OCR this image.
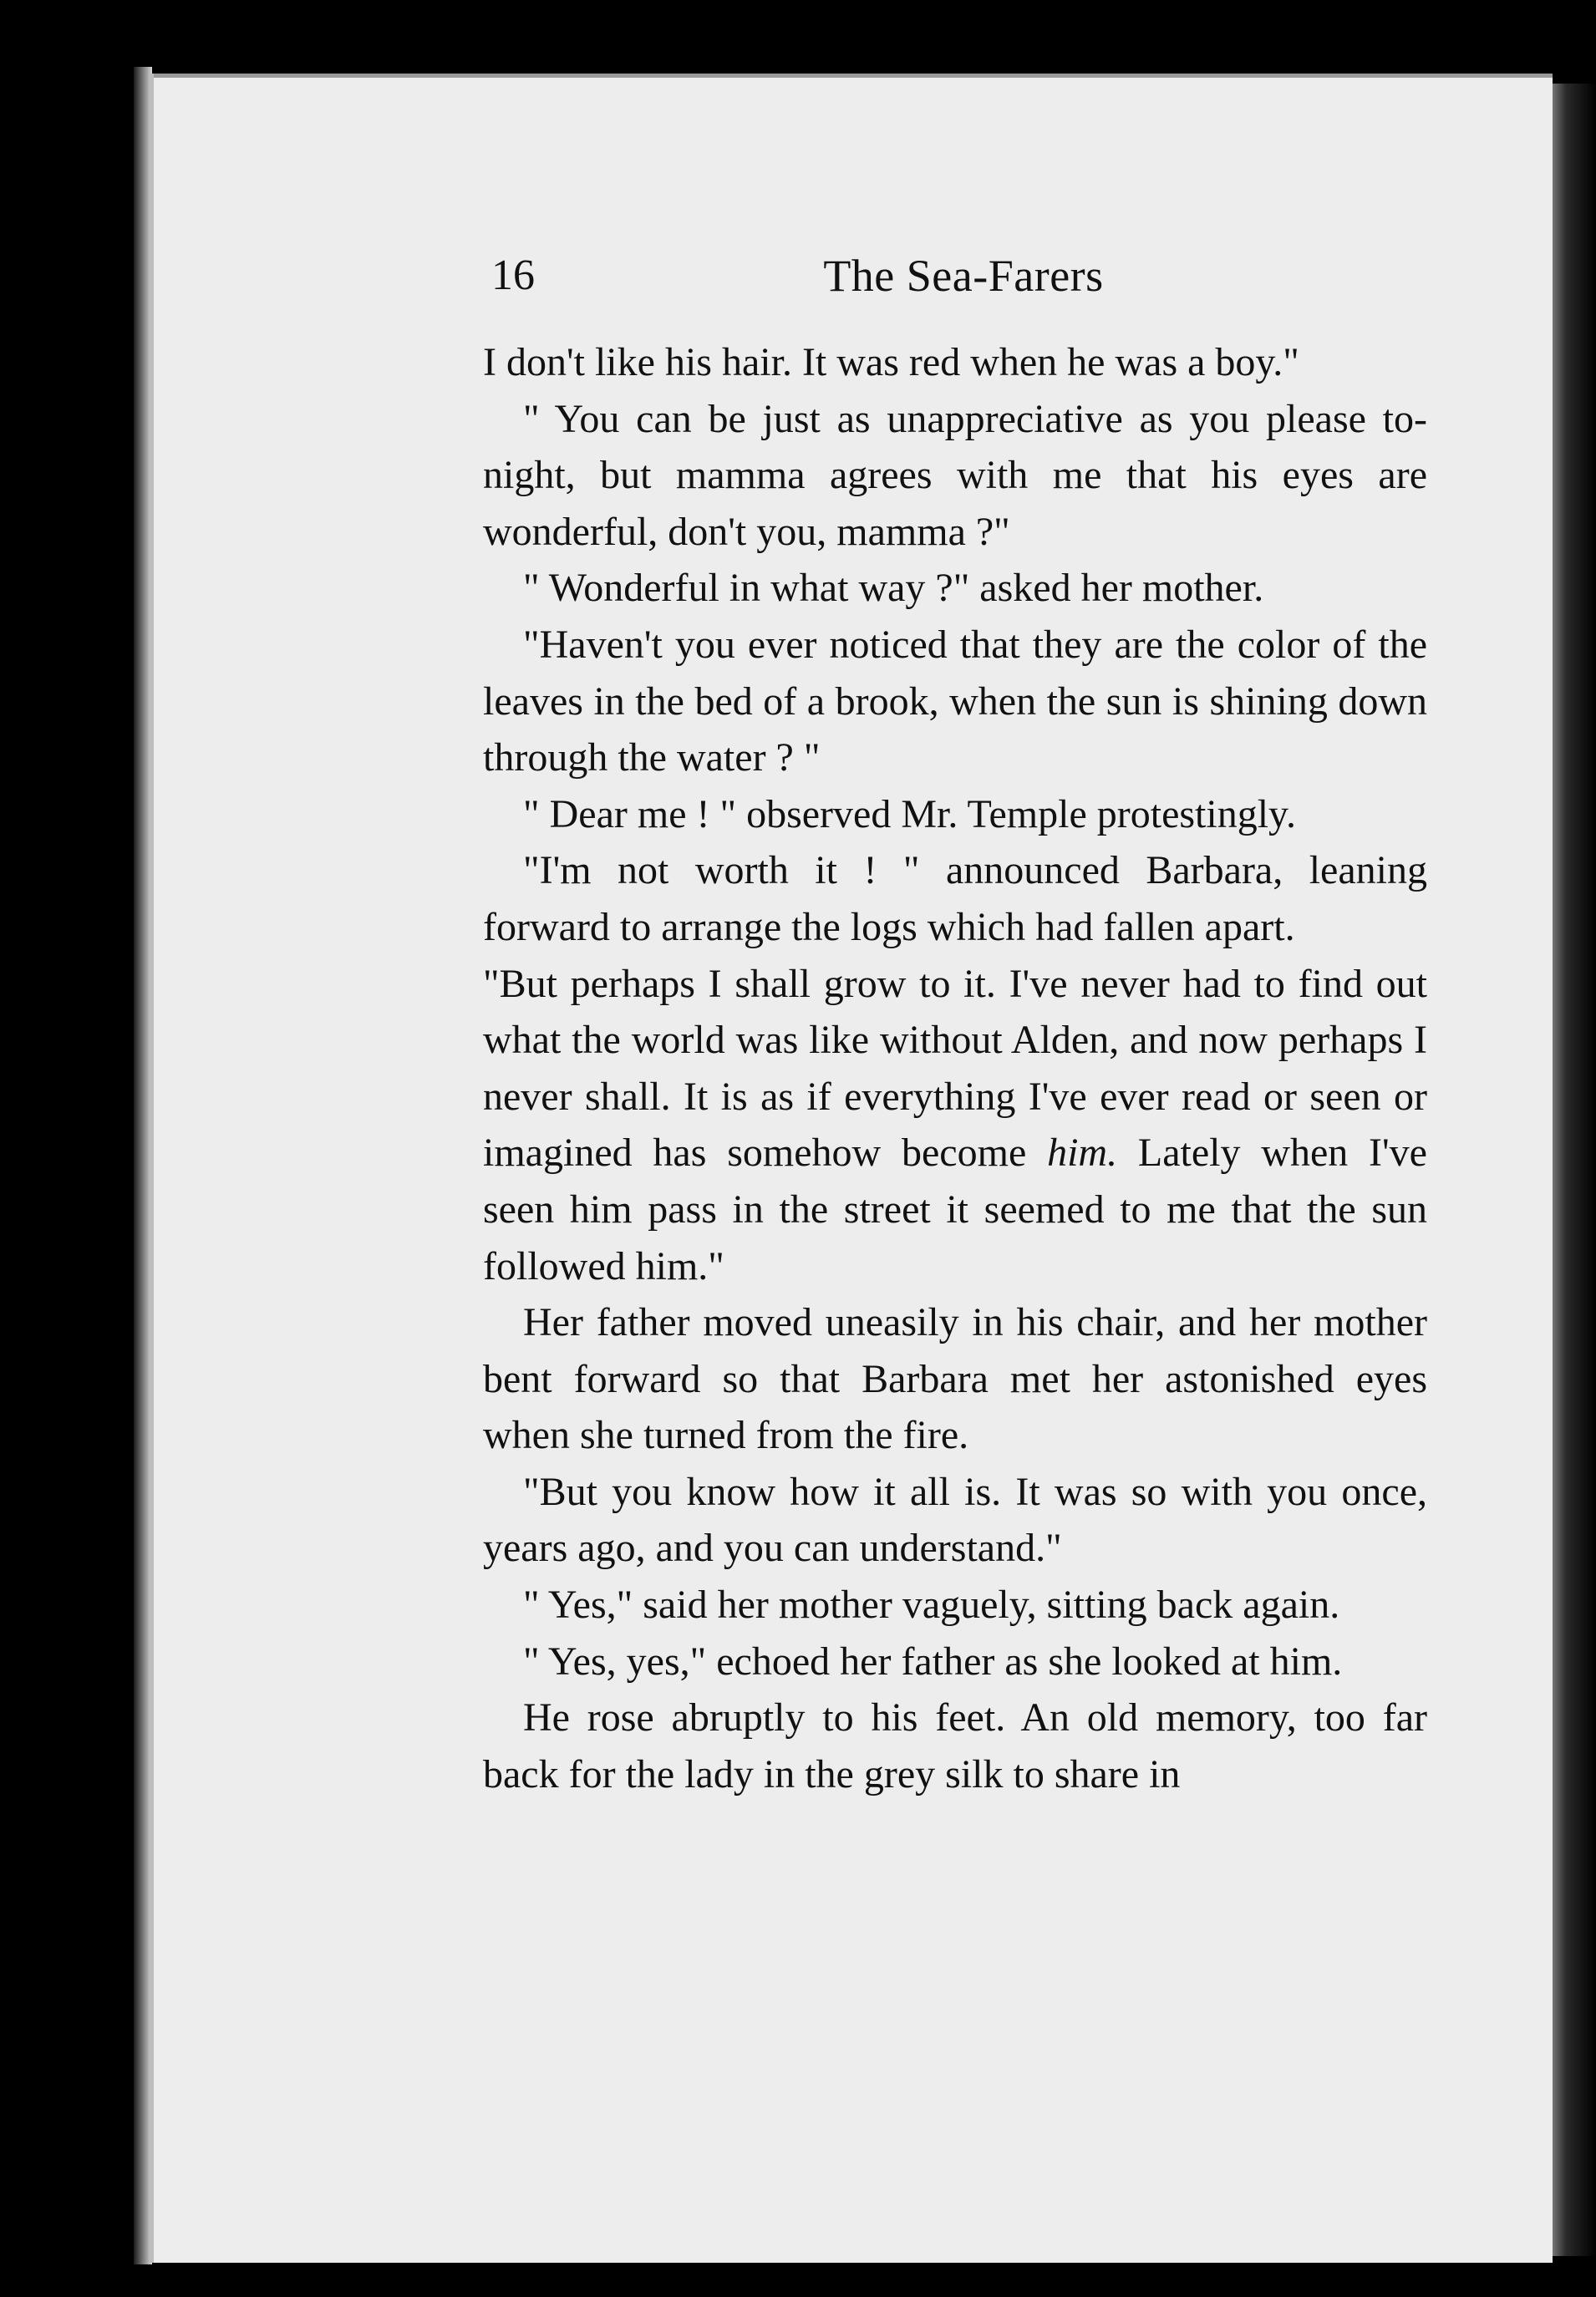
16	The Sea-Farers

I don't like his hair. It was red when he was a boy."

" You can be just as unappreciative as you please to-night, but mamma agrees with me that his eyes are wonderful, don't you, mamma ?"

" Wonderful in what way ?" asked her mother.

"Haven't you ever noticed that they are the color of the leaves in the bed of a brook, when the sun is shining down through the water ? "

" Dear me ! " observed Mr. Temple protestingly.

"I'm not worth it ! " announced Barbara, leaning forward to arrange the logs which had fallen apart.

"But perhaps I shall grow to it. I've never had to find out what the world was like without Alden, and now perhaps I never shall. It is as if everything I've ever read or seen or imagined has somehow become him. Lately when I've seen him pass in the street it seemed to me that the sun followed him."

Her father moved uneasily in his chair, and her mother bent forward so that Barbara met her astonished eyes when she turned from the fire.

"But you know how it all is. It was so with you once, years ago, and you can understand."

" Yes," said her mother vaguely, sitting back again.

" Yes, yes," echoed her father as she looked at him.

He rose abruptly to his feet. An old memory, too far back for the lady in the grey silk to share in
